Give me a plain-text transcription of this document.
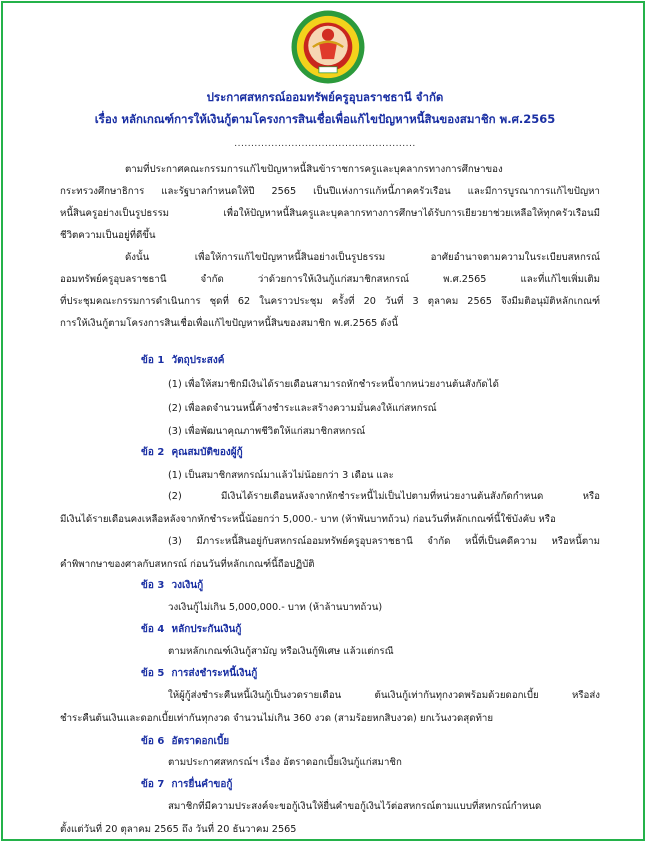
ประกาศสหกรณ์ออมทรัพย์ครูอุบลราชธานี จำกัด
เรื่อง หลักเกณฑ์การให้เงินกู้ตามโครงการสินเชื่อเพื่อแก้ไขปัญหาหนี้สินของสมาชิก พ.ศ.2565
......................................................
ตามที่ประกาศคณะกรรมการแก้ไขปัญหาหนี้สินข้าราชการครูและบุคลากรทางการศึกษาของ
กระทรวงศึกษาธิการ และรัฐบาลกำหนดให้ปี 2565 เป็นปีแห่งการแก้หนี้ภาคครัวเรือน และมีการบูรณาการแก้ไขปัญหา
หนี้สินครูอย่างเป็นรูปธรรม เพื่อให้ปัญหาหนี้สินครูและบุคลากรทางการศึกษาได้รับการเยียวยาช่วยเหลือให้ทุกครัวเรือนมี
ชีวิตความเป็นอยู่ที่ดีขึ้น
ดังนั้น เพื่อให้การแก้ไขปัญหาหนี้สินอย่างเป็นรูปธรรม อาศัยอำนาจตามความในระเบียบสหกรณ์
ออมทรัพย์ครูอุบลราชธานี จำกัด ว่าด้วยการให้เงินกู้แก่สมาชิกสหกรณ์ พ.ศ.2565 และที่แก้ไขเพิ่มเติม
ที่ประชุมคณะกรรมการดำเนินการ ชุดที่ 62 ในคราวประชุม ครั้งที่ 20 วันที่ 3 ตุลาคม 2565 จึงมีมติอนุมัติหลักเกณฑ์
การให้เงินกู้ตามโครงการสินเชื่อเพื่อแก้ไขปัญหาหนี้สินของสมาชิก พ.ศ.2565 ดังนี้
ข้อ 1 วัตถุประสงค์
(1) เพื่อให้สมาชิกมีเงินได้รายเดือนสามารถหักชำระหนี้จากหน่วยงานต้นสังกัดได้
(2) เพื่อลดจำนวนหนี้ค้างชำระและสร้างความมั่นคงให้แก่สหกรณ์
(3) เพื่อพัฒนาคุณภาพชีวิตให้แก่สมาชิกสหกรณ์
ข้อ 2 คุณสมบัติของผู้กู้
(1) เป็นสมาชิกสหกรณ์มาแล้วไม่น้อยกว่า 3 เดือน และ
(2) มีเงินได้รายเดือนหลังจากหักชำระหนี้ไม่เป็นไปตามที่หน่วยงานต้นสังกัดกำหนด หรือ
มีเงินได้รายเดือนคงเหลือหลังจากหักชำระหนี้น้อยกว่า 5,000.- บาท (ห้าพันบาทถ้วน) ก่อนวันที่หลักเกณฑ์นี้ใช้บังคับ หรือ
(3) มีภาระหนี้สินอยู่กับสหกรณ์ออมทรัพย์ครูอุบลราชธานี จำกัด หนี้ที่เป็นคดีความ หรือหนี้ตาม
คำพิพากษาของศาลกับสหกรณ์ ก่อนวันที่หลักเกณฑ์นี้ถือปฏิบัติ
ข้อ 3 วงเงินกู้
วงเงินกู้ไม่เกิน 5,000,000.- บาท (ห้าล้านบาทถ้วน)
ข้อ 4 หลักประกันเงินกู้
ตามหลักเกณฑ์เงินกู้สามัญ หรือเงินกู้พิเศษ แล้วแต่กรณี
ข้อ 5 การส่งชำระหนี้เงินกู้
ให้ผู้กู้ส่งชำระคืนหนี้เงินกู้เป็นงวดรายเดือน ต้นเงินกู้เท่ากันทุกงวดพร้อมด้วยดอกเบี้ย หรือส่ง
ชำระคืนต้นเงินและดอกเบี้ยเท่ากันทุกงวด จำนวนไม่เกิน 360 งวด (สามร้อยหกสิบงวด) ยกเว้นงวดสุดท้าย
ข้อ 6 อัตราดอกเบี้ย
ตามประกาศสหกรณ์ฯ เรื่อง อัตราดอกเบี้ยเงินกู้แก่สมาชิก
ข้อ 7 การยื่นคำขอกู้
สมาชิกที่มีความประสงค์จะขอกู้เงินให้ยื่นคำขอกู้เงินไว้ต่อสหกรณ์ตามแบบที่สหกรณ์กำหนด
ตั้งแต่วันที่ 20 ตุลาคม 2565 ถึง วันที่ 20 ธันวาคม 2565
